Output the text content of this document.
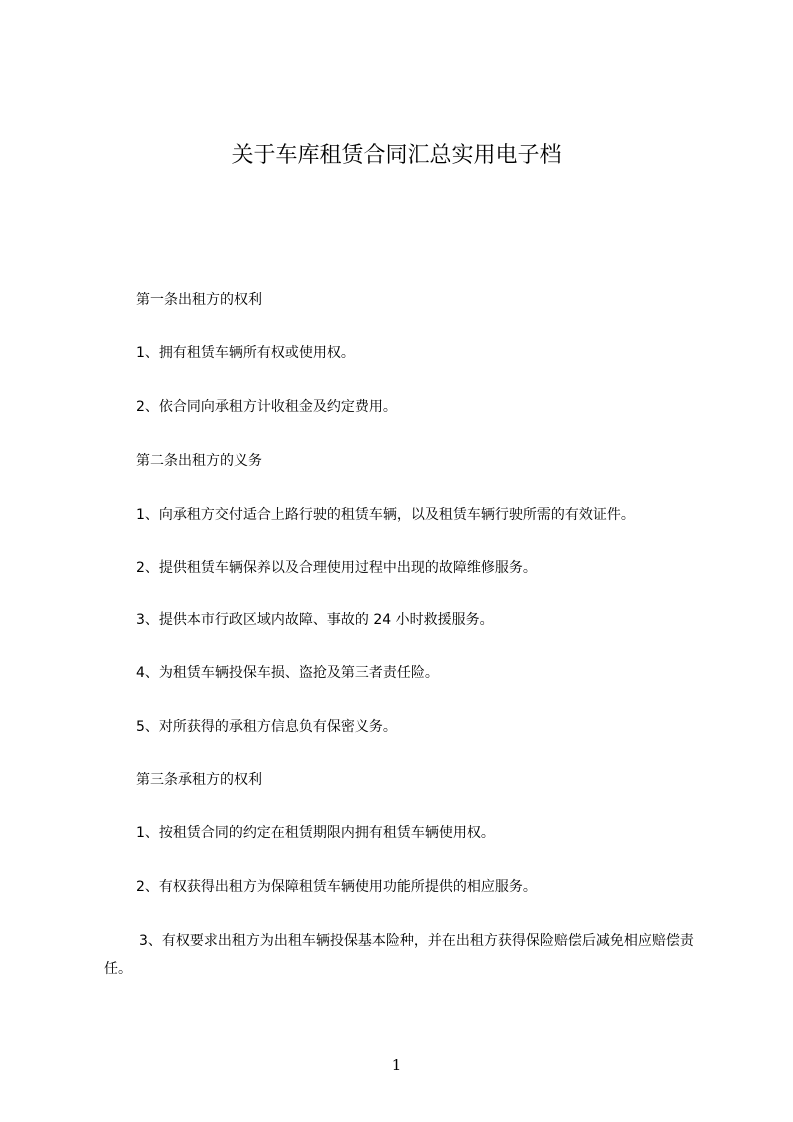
关于车库租赁合同汇总实用电子档
第一条出租方的权利
1、拥有租赁车辆所有权或使用权。
2、依合同向承租方计收租金及约定费用。
第二条出租方的义务
1、向承租方交付适合上路行驶的租赁车辆，以及租赁车辆行驶所需的有效证件。
2、提供租赁车辆保养以及合理使用过程中出现的故障维修服务。
3、提供本市行政区域内故障、事故的 24 小时救援服务。
4、为租赁车辆投保车损、盗抢及第三者责任险。
5、对所获得的承租方信息负有保密义务。
第三条承租方的权利
1、按租赁合同的约定在租赁期限内拥有租赁车辆使用权。
2、有权获得出租方为保障租赁车辆使用功能所提供的相应服务。
3、有权要求出租方为出租车辆投保基本险种，并在出租方获得保险赔偿后减免相应赔偿责任。
1
